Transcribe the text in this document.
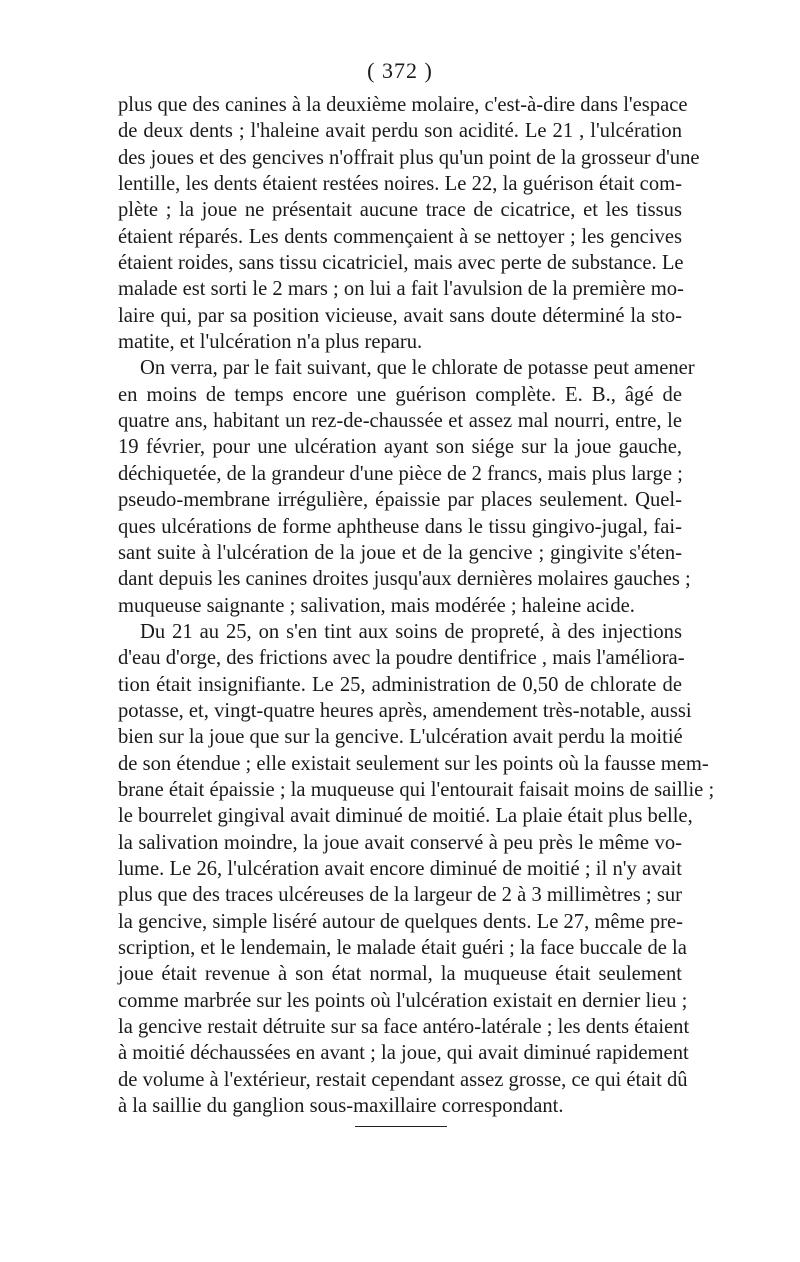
( 372 )
plus que des canines à la deuxième molaire, c'est-à-dire dans l'espace
de deux dents ; l'haleine avait perdu son acidité. Le 21 , l'ulcération
des joues et des gencives n'offrait plus qu'un point de la grosseur d'une
lentille, les dents étaient restées noires. Le 22, la guérison était com-
plète ; la joue ne présentait aucune trace de cicatrice, et les tissus
étaient réparés. Les dents commençaient à se nettoyer ; les gencives
étaient roides, sans tissu cicatriciel, mais avec perte de substance. Le
malade est sorti le 2 mars ; on lui a fait l'avulsion de la première mo-
laire qui, par sa position vicieuse, avait sans doute déterminé la sto-
matite, et l'ulcération n'a plus reparu.
On verra, par le fait suivant, que le chlorate de potasse peut amener
en moins de temps encore une guérison complète. E. B., âgé de
quatre ans, habitant un rez-de-chaussée et assez mal nourri, entre, le
19 février, pour une ulcération ayant son siége sur la joue gauche,
déchiquetée, de la grandeur d'une pièce de 2 francs, mais plus large ;
pseudo-membrane irrégulière, épaissie par places seulement. Quel-
ques ulcérations de forme aphtheuse dans le tissu gingivo-jugal, fai-
sant suite à l'ulcération de la joue et de la gencive ; gingivite s'éten-
dant depuis les canines droites jusqu'aux dernières molaires gauches ;
muqueuse saignante ; salivation, mais modérée ; haleine acide.
Du 21 au 25, on s'en tint aux soins de propreté, à des injections
d'eau d'orge, des frictions avec la poudre dentifrice , mais l'améliora-
tion était insignifiante. Le 25, administration de 0,50 de chlorate de
potasse, et, vingt-quatre heures après, amendement très-notable, aussi
bien sur la joue que sur la gencive. L'ulcération avait perdu la moitié
de son étendue ; elle existait seulement sur les points où la fausse mem-
brane était épaissie ; la muqueuse qui l'entourait faisait moins de saillie ;
le bourrelet gingival avait diminué de moitié. La plaie était plus belle,
la salivation moindre, la joue avait conservé à peu près le même vo-
lume. Le 26, l'ulcération avait encore diminué de moitié ; il n'y avait
plus que des traces ulcéreuses de la largeur de 2 à 3 millimètres ; sur
la gencive, simple liséré autour de quelques dents. Le 27, même pre-
scription, et le lendemain, le malade était guéri ; la face buccale de la
joue était revenue à son état normal, la muqueuse était seulement
comme marbrée sur les points où l'ulcération existait en dernier lieu ;
la gencive restait détruite sur sa face antéro-latérale ; les dents étaient
à moitié déchaussées en avant ; la joue, qui avait diminué rapidement
de volume à l'extérieur, restait cependant assez grosse, ce qui était dû
à la saillie du ganglion sous-maxillaire correspondant.
